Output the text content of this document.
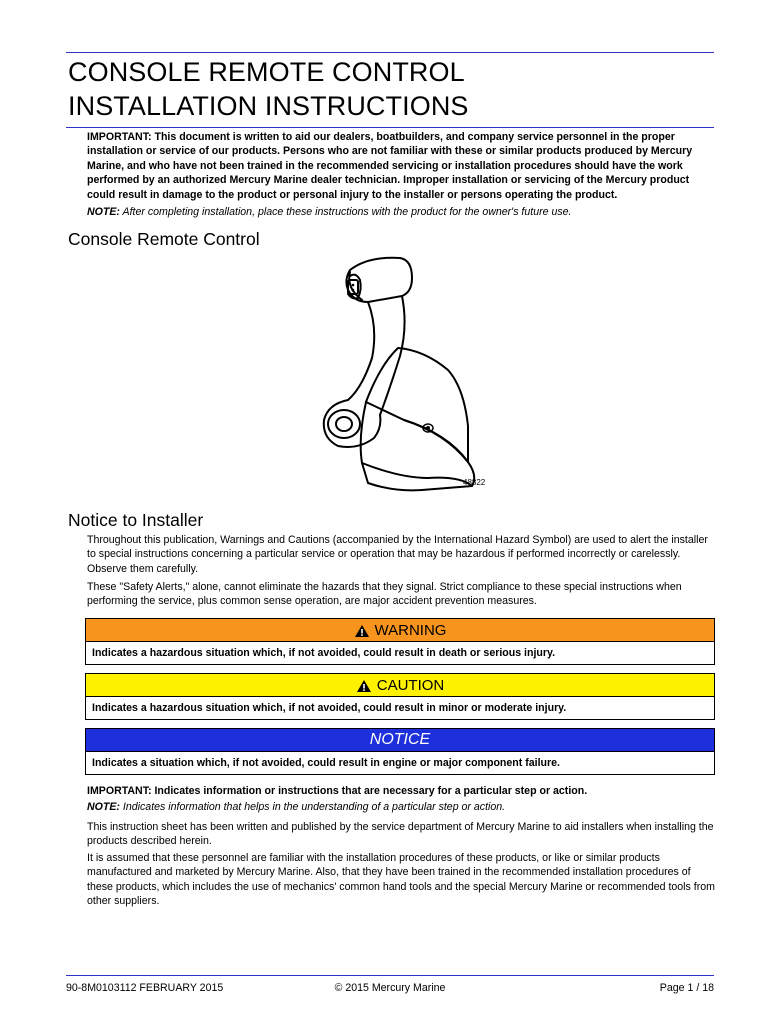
CONSOLE REMOTE CONTROL
INSTALLATION INSTRUCTIONS
IMPORTANT: This document is written to aid our dealers, boatbuilders, and company service personnel in the proper installation or service of our products. Persons who are not familiar with these or similar products produced by Mercury Marine, and who have not been trained in the recommended servicing or installation procedures should have the work performed by an authorized Mercury Marine dealer technician. Improper installation or servicing of the Mercury product could result in damage to the product or personal injury to the installer or persons operating the product.
NOTE: After completing installation, place these instructions with the product for the owner's future use.
Console Remote Control
48822
Notice to Installer
Throughout this publication, Warnings and Cautions (accompanied by the International Hazard Symbol) are used to alert the installer to special instructions concerning a particular service or operation that may be hazardous if performed incorrectly or carelessly. Observe them carefully.
These "Safety Alerts," alone, cannot eliminate the hazards that they signal. Strict compliance to these special instructions when performing the service, plus common sense operation, are major accident prevention measures.
WARNING
Indicates a hazardous situation which, if not avoided, could result in death or serious injury.
CAUTION
Indicates a hazardous situation which, if not avoided, could result in minor or moderate injury.
NOTICE
Indicates a situation which, if not avoided, could result in engine or major component failure.
IMPORTANT: Indicates information or instructions that are necessary for a particular step or action.
NOTE: Indicates information that helps in the understanding of a particular step or action.
This instruction sheet has been written and published by the service department of Mercury Marine to aid installers when installing the products described herein.
It is assumed that these personnel are familiar with the installation procedures of these products, or like or similar products manufactured and marketed by Mercury Marine. Also, that they have been trained in the recommended installation procedures of these products, which includes the use of mechanics' common hand tools and the special Mercury Marine or recommended tools from other suppliers.
90-8M0103112 FEBRUARY 2015	© 2015 Mercury Marine	Page 1 / 18
